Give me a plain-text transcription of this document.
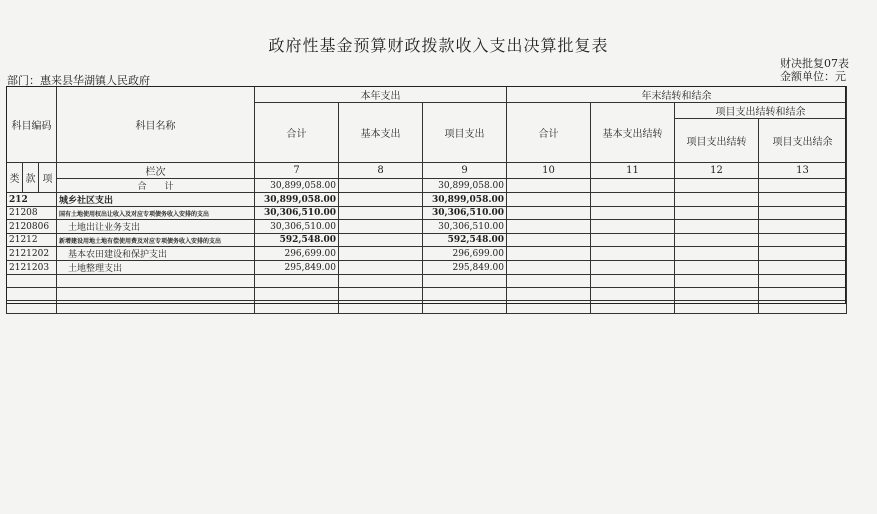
政府性基金预算财政拨款收入支出决算批复表
财决批复07表
金额单位：元
部门：惠来县华湖镇人民政府
科目编码			科目名称	本年支出			年末结转和结余			
				合计	基本支出	项目支出	合计	基本支出结转	项目支出结转和结余	
									项目支出结转	项目支出结余
类	款	项	栏次	7	8	9	10	11	12	13
			合　　计	30,899,058.00		30,899,058.00				
212			城乡社区支出	30,899,058.00		30,899,058.00				
21208			国有土地使用权出让收入及对应专项债务收入安排的支出	30,306,510.00		30,306,510.00				
2120806			　土地出让业务支出	30,306,510.00		30,306,510.00				
21212			新增建设用地土地有偿使用费及对应专项债务收入安排的支出	592,548.00		592,548.00				
2121202			　基本农田建设和保护支出	296,699.00		296,699.00				
2121203			　土地整理支出	295,849.00		295,849.00				
